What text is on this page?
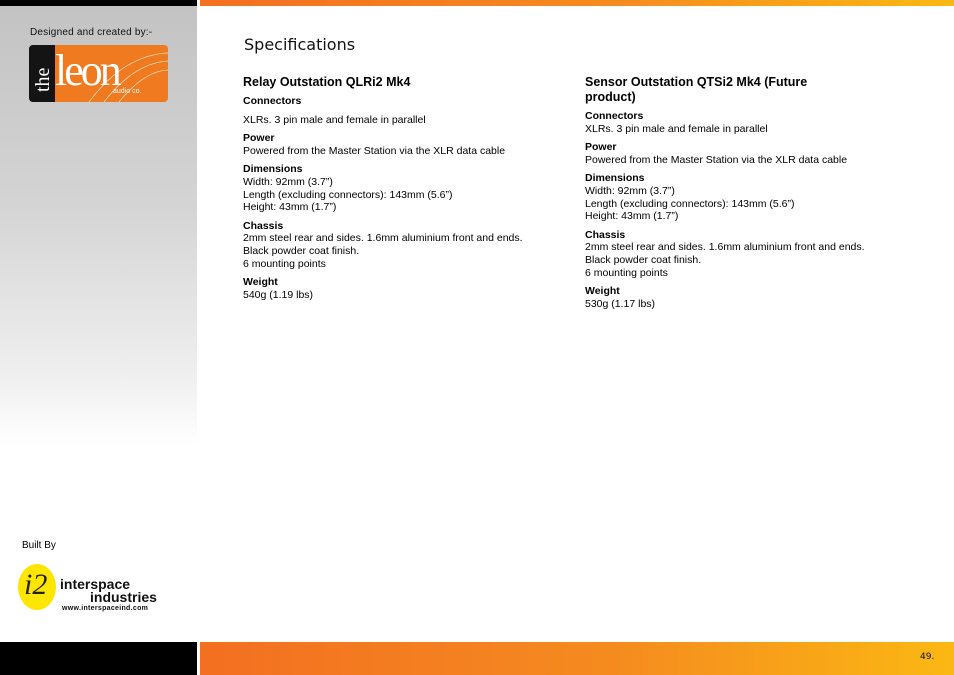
Designed and created by:-
the leon
audio co.
Specifications
Relay Outstation QLRi2 Mk4
Connectors
XLRs. 3 pin male and female in parallel
Power
Powered from the Master Station via the XLR data cable
Dimensions
Width: 92mm (3.7”)
Length (excluding connectors): 143mm (5.6”)
Height: 43mm (1.7”)
Chassis
2mm steel rear and sides. 1.6mm aluminium front and ends.
Black powder coat finish.
6 mounting points
Weight
540g (1.19 lbs)
Sensor Outstation QTSi2 Mk4 (Future product)
Connectors
XLRs. 3 pin male and female in parallel
Power
Powered from the Master Station via the XLR data cable
Dimensions
Width: 92mm (3.7”)
Length (excluding connectors): 143mm (5.6”)
Height: 43mm (1.7”)
Chassis
2mm steel rear and sides. 1.6mm aluminium front and ends.
Black powder coat finish.
6 mounting points
Weight
530g (1.17 lbs)
Built By
i2 interspace
industries
www.interspaceind.com
49.
